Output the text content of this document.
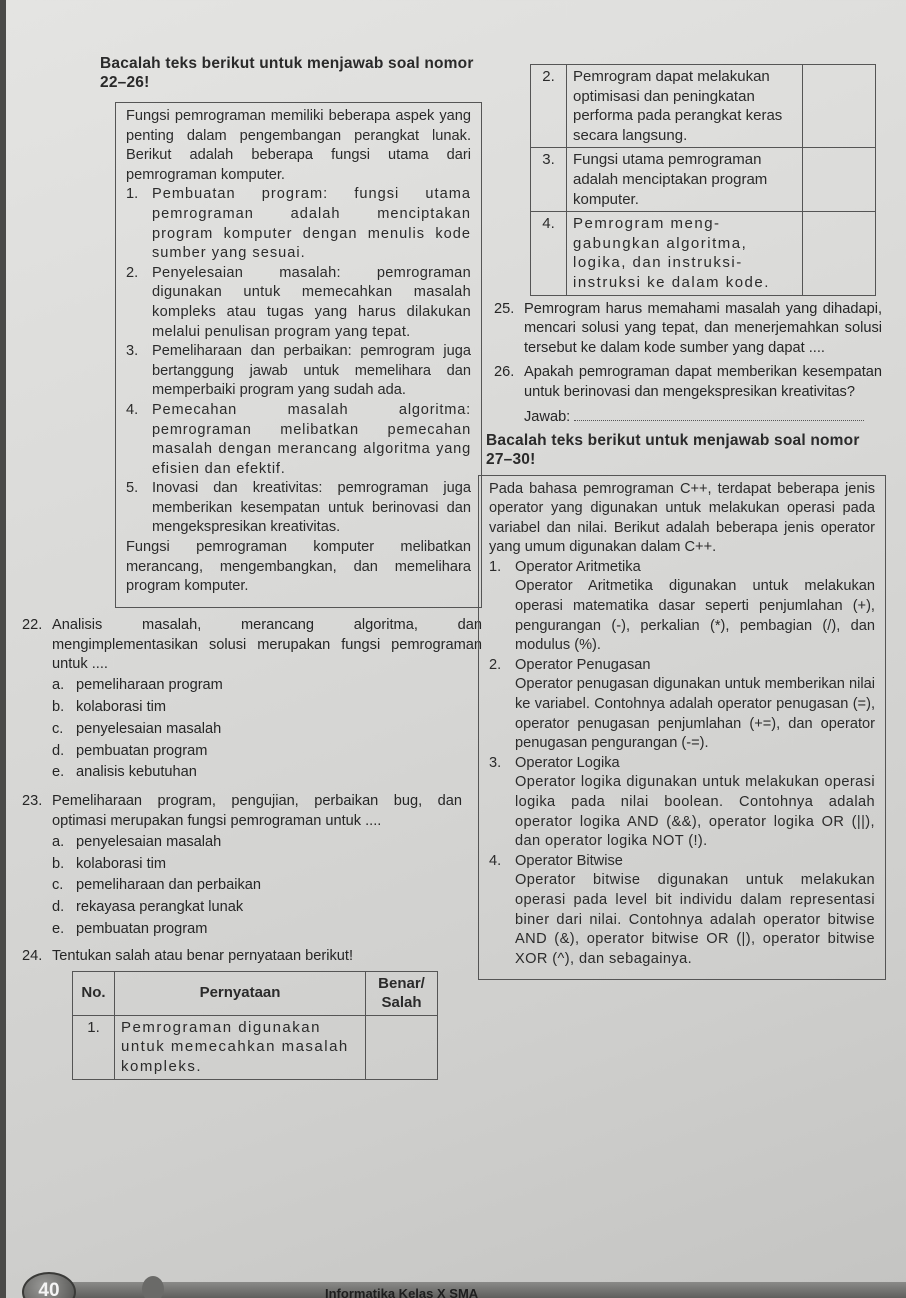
Bacalah teks berikut untuk menjawab soal nomor 22–26!

Fungsi pemrograman memiliki beberapa aspek yang penting dalam pengembangan perangkat lunak. Berikut adalah beberapa fungsi utama dari pemrograman komputer.

1. Pembuatan program: fungsi utama pemrograman adalah menciptakan program komputer dengan menulis kode sumber yang sesuai.
2. Penyelesaian masalah: pemrograman digunakan untuk memecahkan masalah kompleks atau tugas yang harus dilakukan melalui penulisan program yang tepat.
3. Pemeliharaan dan perbaikan: pemrogram juga bertanggung jawab untuk memelihara dan memperbaiki program yang sudah ada.
4. Pemecahan masalah algoritma: pemrograman melibatkan pemecahan masalah dengan merancang algoritma yang efisien dan efektif.
5. Inovasi dan kreativitas: pemrograman juga memberikan kesempatan untuk berinovasi dan mengekspresikan kreativitas.

Fungsi pemrograman komputer melibatkan merancang, mengembangkan, dan memelihara program komputer.

22. Analisis masalah, merancang algoritma, dan mengimplementasikan solusi merupakan fungsi pemrograman untuk ....
a. pemeliharaan program
b. kolaborasi tim
c. penyelesaian masalah
d. pembuatan program
e. analisis kebutuhan
23. Pemeliharaan program, pengujian, perbaikan bug, dan optimasi merupakan fungsi pemrograman untuk ....
a. penyelesaian masalah
b. kolaborasi tim
c. pemeliharaan dan perbaikan
d. rekayasa perangkat lunak
e. pembuatan program
24. Tentukan salah atau benar pernyataan berikut!
No.	Pernyataan	Benar/ Salah
1.	Pemrograman digunakan untuk memecahkan masalah kompleks.	
2.	Pemrogram dapat melakukan optimisasi dan peningkatan performa pada perangkat keras secara langsung.	
3.	Fungsi utama pemrograman adalah menciptakan program komputer.	
4.	Pemrogram meng-gabungkan algoritma, logika, dan instruksi-instruksi ke dalam kode.	
25. Pemrogram harus memahami masalah yang dihadapi, mencari solusi yang tepat, dan menerjemahkan solusi tersebut ke dalam kode sumber yang dapat ....
26. Apakah pemrograman dapat memberikan kesempatan untuk berinovasi dan mengekspresikan kreativitas?
Jawab:
Bacalah teks berikut untuk menjawab soal nomor 27–30!

Pada bahasa pemrograman C++, terdapat beberapa jenis operator yang digunakan untuk melakukan operasi pada variabel dan nilai. Berikut adalah beberapa jenis operator yang umum digunakan dalam C++.

1. Operator Aritmetika
Operator Aritmetika digunakan untuk melakukan operasi matematika dasar seperti penjumlahan (+), pengurangan (-), perkalian (*), pembagian (/), dan modulus (%).
2. Operator Penugasan
Operator penugasan digunakan untuk memberikan nilai ke variabel. Contohnya adalah operator penugasan (=), operator penugasan penjumlahan (+=), dan operator penugasan pengurangan (-=).
3. Operator Logika
Operator logika digunakan untuk melakukan operasi logika pada nilai boolean. Contohnya adalah operator logika AND (&&), operator logika OR (||), dan operator logika NOT (!).
4. Operator Bitwise
Operator bitwise digunakan untuk melakukan operasi pada level bit individu dalam representasi biner dari nilai. Contohnya adalah operator bitwise AND (&), operator bitwise OR (|), operator bitwise XOR (^), dan sebagainya.
40	Informatika Kelas X SMA
